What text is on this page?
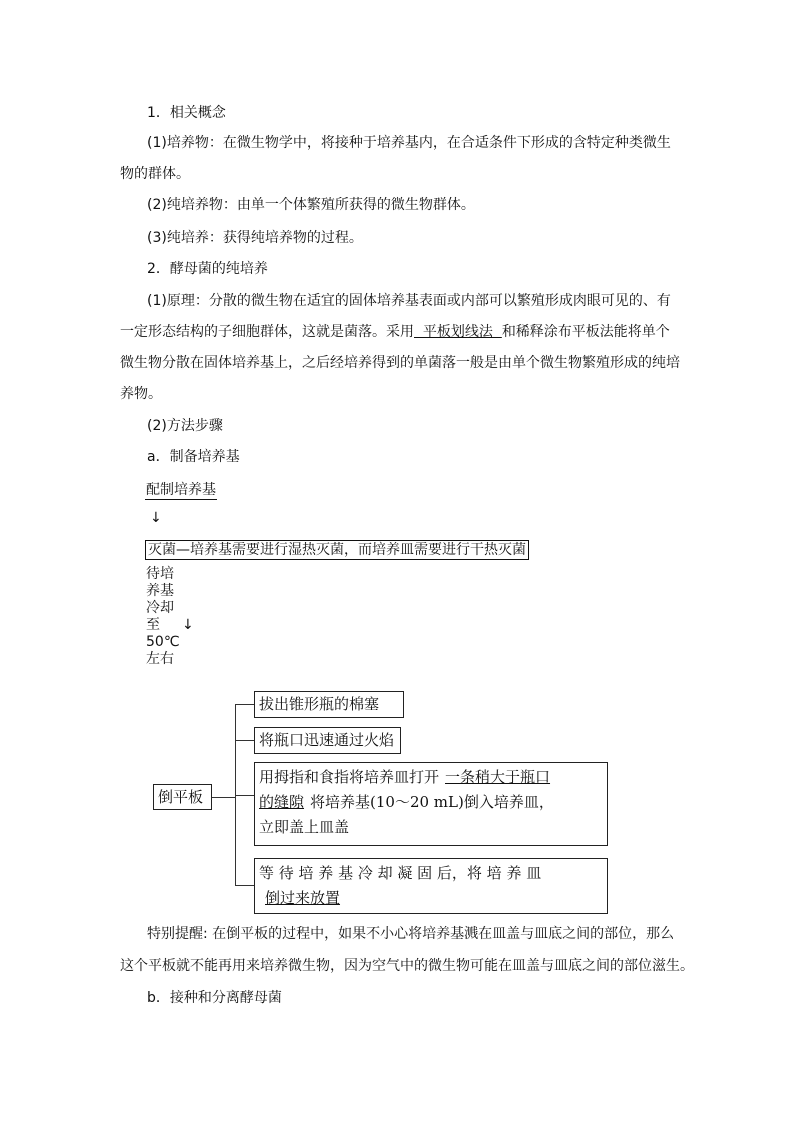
1．相关概念
(1)培养物：在微生物学中，将接种于培养基内，在合适条件下形成的含特定种类微生
物的群体。
(2)纯培养物：由单一个体繁殖所获得的微生物群体。
(3)纯培养：获得纯培养物的过程。
2．酵母菌的纯培养
(1)原理：分散的微生物在适宜的固体培养基表面或内部可以繁殖形成肉眼可见的、有
一定形态结构的子细胞群体，这就是菌落。采用  平板划线法  和稀释涂布平板法能将单个
微生物分散在固体培养基上，之后经培养得到的单菌落一般是由单个微生物繁殖形成的纯培
养物。
(2)方法步骤
a．制备培养基
配制培养基
↓
灭菌—培养基需要进行湿热灭菌，而培养皿需要进行干热灭菌
待培
养基
冷却
至
50℃
左右
↓
倒平板
拔出锥形瓶的棉塞
将瓶口迅速通过火焰
用拇指和食指将培养皿打开 一条稍大于瓶口
的缝隙 将培养基(10～20 mL)倒入培养皿，
立即盖上皿盖
等 待 培 养 基 冷 却 凝 固 后，将 培 养 皿
倒过来放置
特别提醒: 在倒平板的过程中，如果不小心将培养基溅在皿盖与皿底之间的部位，那么
这个平板就不能再用来培养微生物，因为空气中的微生物可能在皿盖与皿底之间的部位滋生。
b．接种和分离酵母菌
